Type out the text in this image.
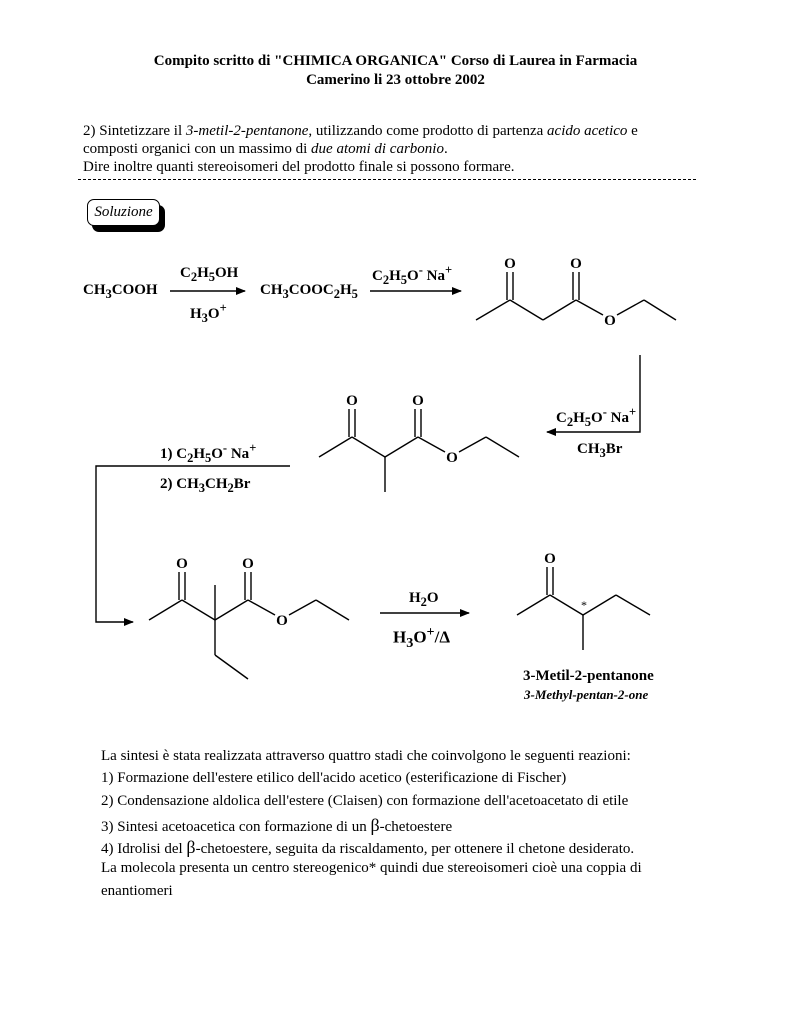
Compito scritto di "CHIMICA ORGANICA" Corso di Laurea in Farmacia
Camerino li 23 ottobre 2002
2) Sintetizzare il 3-metil-2-pentanone, utilizzando come prodotto di partenza acido acetico e
composti organici con un massimo di due atomi di carbonio.
Dire inoltre quanti stereoisomeri del prodotto finale si possono formare.
Soluzione
$CH_3COOH$
$C_2H_5OH$
$H_3O^+$
$CH_3COOC_2H_5$
$C_2H_5O^-$ Na+
$C_2H_5O^-$ Na+
$CH_3Br$
1) $C_2H_5O^-$ Na+
2) $CH_3CH_2Br$
$H_2O$
$H_3O^+/\Delta$
3-Metil-2-pentanone
3-Methyl-pentan-2-one
O	O
O
O	O
O
O	O
O
O
*
La sintesi è stata realizzata attraverso quattro stadi che coinvolgono le seguenti reazioni:
1) Formazione dell'estere etilico dell'acido acetico (esterificazione di Fischer)
2) Condensazione aldolica dell'estere (Claisen) con formazione dell'acetoacetato di etile
3) Sintesi acetoacetica con formazione di un β-chetoestere
4) Idrolisi del β-chetoestere, seguita da riscaldamento, per ottenere il chetone desiderato.
La molecola presenta un centro stereogenico* quindi due stereoisomeri cioè una coppia di
enantiomeri
